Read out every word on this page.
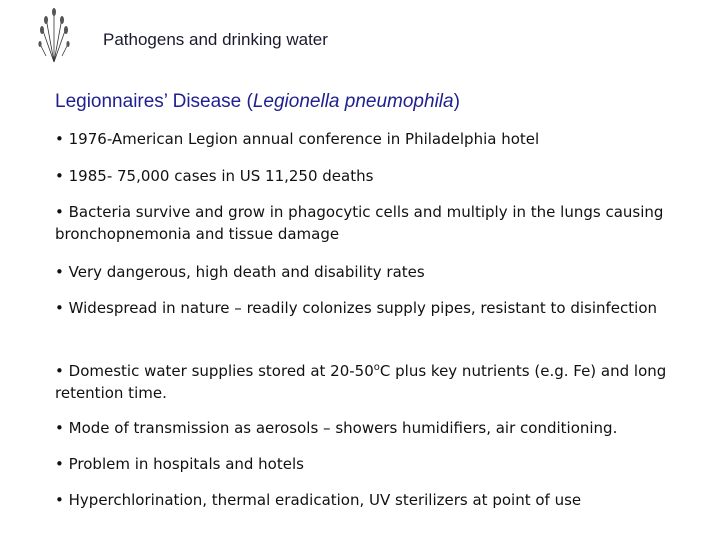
Pathogens and drinking water
Legionnaires’ Disease (Legionella pneumophila)
• 1976-American Legion annual conference in Philadelphia hotel
• 1985- 75,000 cases in US 11,250 deaths
• Bacteria survive and grow in phagocytic cells and multiply in the lungs causing bronchopnemonia and tissue damage
• Very dangerous, high death and disability rates
• Widespread in nature – readily colonizes supply pipes, resistant to disinfection
• Domestic water supplies stored at 20-50$^o$C plus key nutrients (e.g. Fe) and long retention time.
• Mode of transmission as aerosols – showers humidifiers, air conditioning.
• Problem in hospitals and hotels
• Hyperchlorination, thermal eradication, UV sterilizers at point of use
